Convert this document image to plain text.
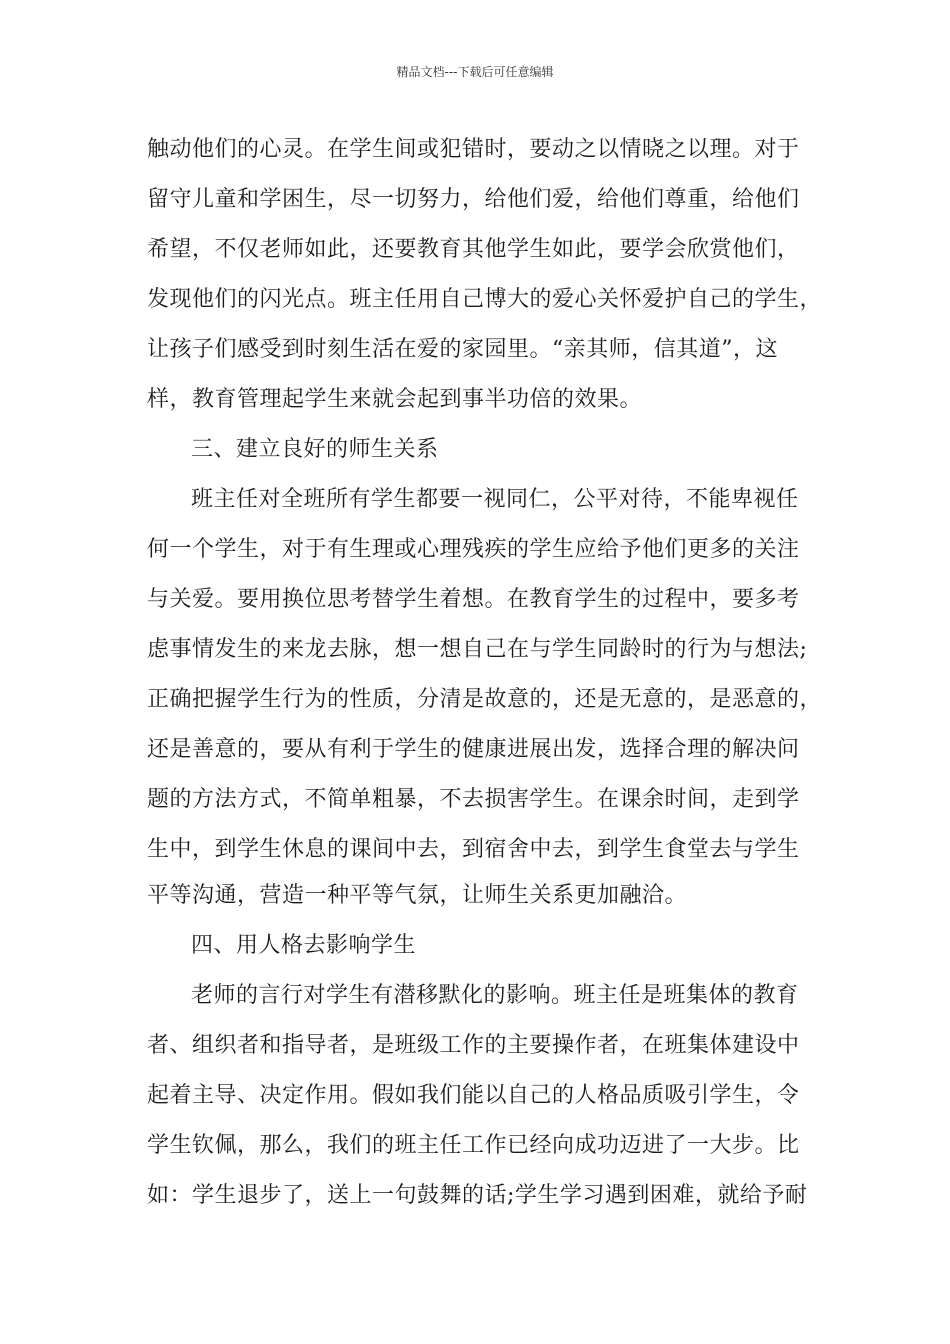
精品文档---下载后可任意编辑
触动他们的心灵。在学生间或犯错时，要动之以情晓之以理。对于
留守儿童和学困生，尽一切努力，给他们爱，给他们尊重，给他们
希望，不仅老师如此，还要教育其他学生如此，要学会欣赏他们，
发现他们的闪光点。班主任用自己博大的爱心关怀爱护自己的学生，
让孩子们感受到时刻生活在爱的家园里。“亲其师，信其道”，这
样，教育管理起学生来就会起到事半功倍的效果。
三、建立良好的师生关系
班主任对全班所有学生都要一视同仁，公平对待，不能卑视任
何一个学生，对于有生理或心理残疾的学生应给予他们更多的关注
与关爱。要用换位思考替学生着想。在教育学生的过程中，要多考
虑事情发生的来龙去脉，想一想自己在与学生同龄时的行为与想法;
正确把握学生行为的性质，分清是故意的，还是无意的，是恶意的，
还是善意的，要从有利于学生的健康进展出发，选择合理的解决问
题的方法方式，不简单粗暴，不去损害学生。在课余时间，走到学
生中，到学生休息的课间中去，到宿舍中去，到学生食堂去与学生
平等沟通，营造一种平等气氛，让师生关系更加融洽。
四、用人格去影响学生
老师的言行对学生有潜移默化的影响。班主任是班集体的教育
者、组织者和指导者，是班级工作的主要操作者，在班集体建设中
起着主导、决定作用。假如我们能以自己的人格品质吸引学生，令
学生钦佩，那么，我们的班主任工作已经向成功迈进了一大步。比
如：学生退步了，送上一句鼓舞的话;学生学习遇到困难，就给予耐
